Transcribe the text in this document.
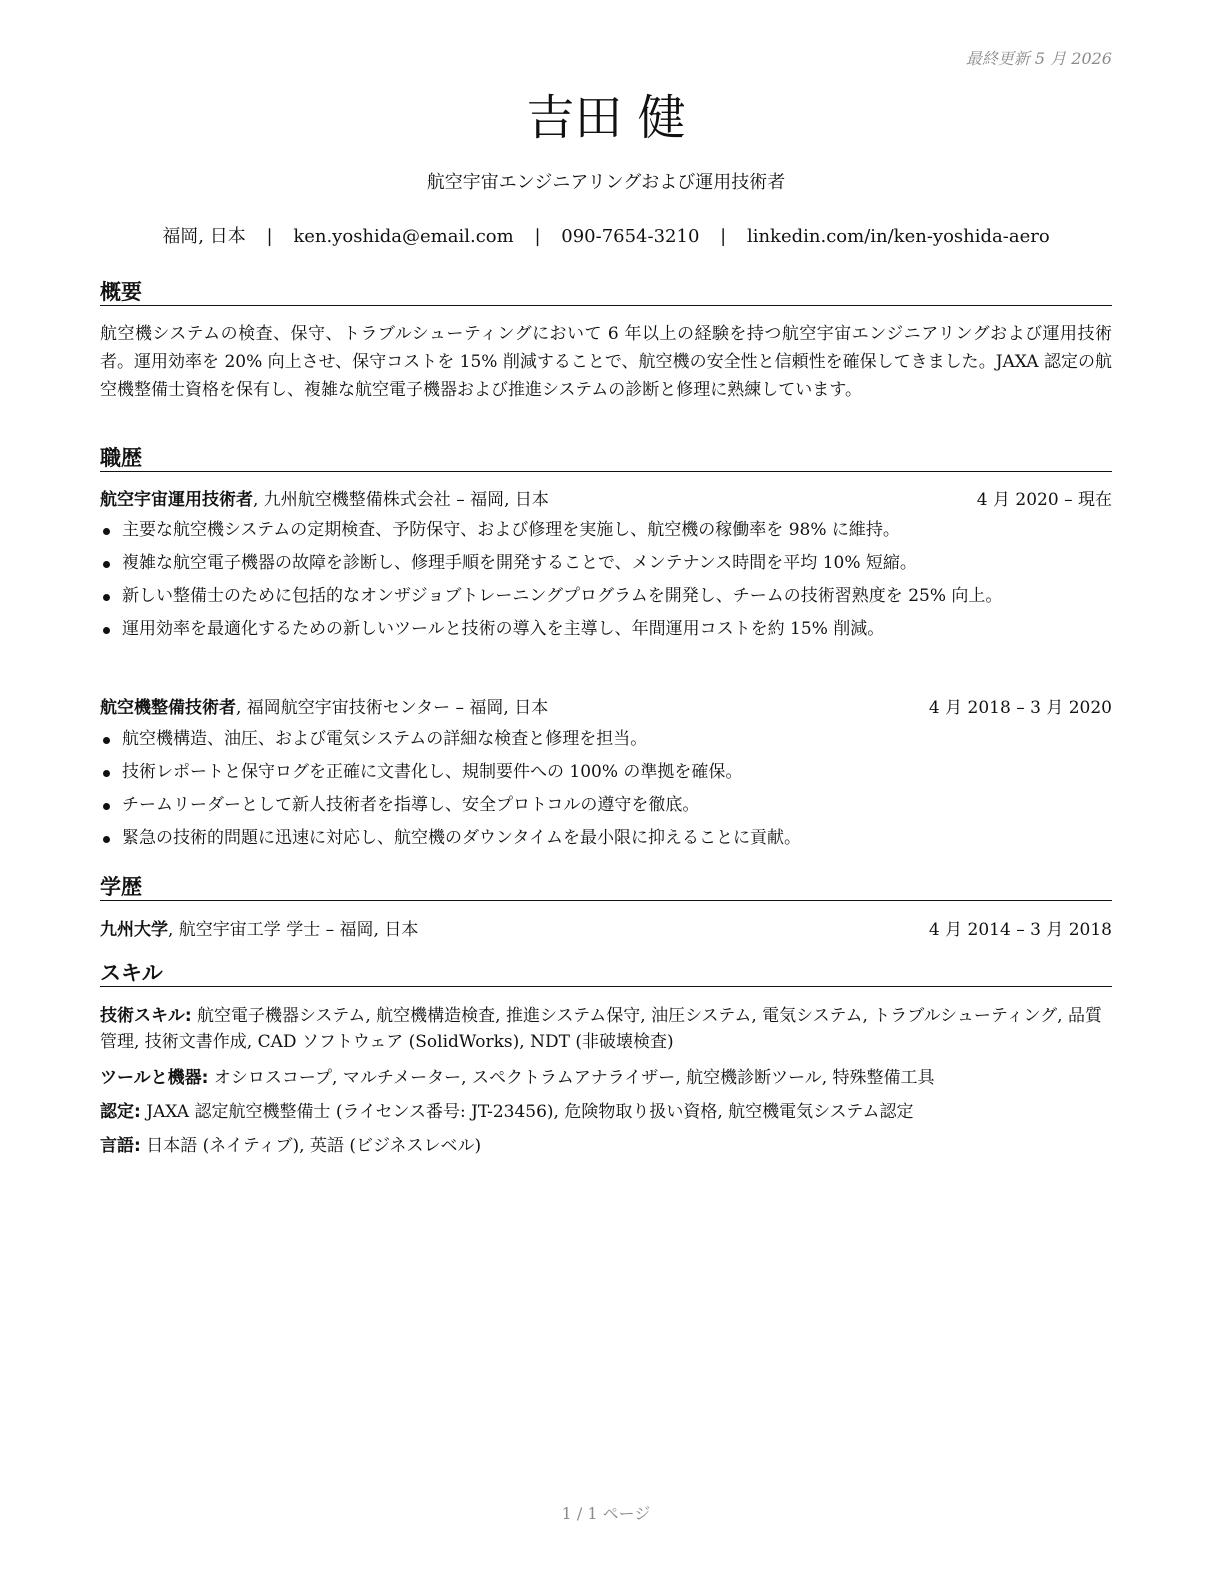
最終更新 5 月 2026
吉田 健
航空宇宙エンジニアリングおよび運用技術者
福岡, 日本 | ken.yoshida@email.com | 090-7654-3210 | linkedin.com/in/ken-yoshida-aero
概要
航空機システムの検査、保守、トラブルシューティングにおいて 6 年以上の経験を持つ航空宇宙エンジニアリングおよび運用技術者。運用効率を 20% 向上させ、保守コストを 15% 削減することで、航空機の安全性と信頼性を確保してきました。JAXA 認定の航空機整備士資格を保有し、複雑な航空電子機器および推進システムの診断と修理に熟練しています。
職歴
航空宇宙運用技術者, 九州航空機整備株式会社 – 福岡, 日本	4 月 2020 – 現在
主要な航空機システムの定期検査、予防保守、および修理を実施し、航空機の稼働率を 98% に維持。
複雑な航空電子機器の故障を診断し、修理手順を開発することで、メンテナンス時間を平均 10% 短縮。
新しい整備士のために包括的なオンザジョブトレーニングプログラムを開発し、チームの技術習熟度を 25% 向上。
運用効率を最適化するための新しいツールと技術の導入を主導し、年間運用コストを約 15% 削減。
航空機整備技術者, 福岡航空宇宙技術センター – 福岡, 日本	4 月 2018 – 3 月 2020
航空機構造、油圧、および電気システムの詳細な検査と修理を担当。
技術レポートと保守ログを正確に文書化し、規制要件への 100% の準拠を確保。
チームリーダーとして新人技術者を指導し、安全プロトコルの遵守を徹底。
緊急の技術的問題に迅速に対応し、航空機のダウンタイムを最小限に抑えることに貢献。
学歴
九州大学, 航空宇宙工学 学士 – 福岡, 日本	4 月 2014 – 3 月 2018
スキル
技術スキル: 航空電子機器システム, 航空機構造検査, 推進システム保守, 油圧システム, 電気システム, トラブルシューティング, 品質管理, 技術文書作成, CAD ソフトウェア (SolidWorks), NDT (非破壊検査)
ツールと機器: オシロスコープ, マルチメーター, スペクトラムアナライザー, 航空機診断ツール, 特殊整備工具
認定: JAXA 認定航空機整備士 (ライセンス番号: JT-23456), 危険物取り扱い資格, 航空機電気システム認定
言語: 日本語 (ネイティブ), 英語 (ビジネスレベル)
1 / 1 ページ
